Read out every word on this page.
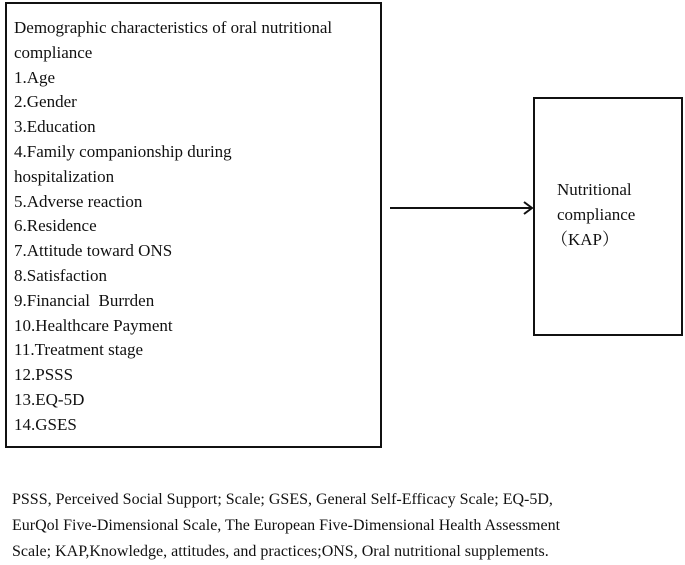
Demographic characteristics of oral nutritional
compliance
1.Age
2.Gender
3.Education
4.Family companionship during
hospitalization
5.Adverse reaction
6.Residence
7.Attitude toward ONS
8.Satisfaction
9.Financial  Burrden
10.Healthcare Payment
11.Treatment stage
12.PSSS
13.EQ-5D
14.GSES
Nutritional
compliance
（KAP）
PSSS, Perceived Social Support; Scale; GSES, General Self-Efficacy Scale; EQ-5D,
EurQol Five-Dimensional Scale, The European Five-Dimensional Health Assessment
Scale; KAP,Knowledge, attitudes, and practices;ONS, Oral nutritional supplements.
